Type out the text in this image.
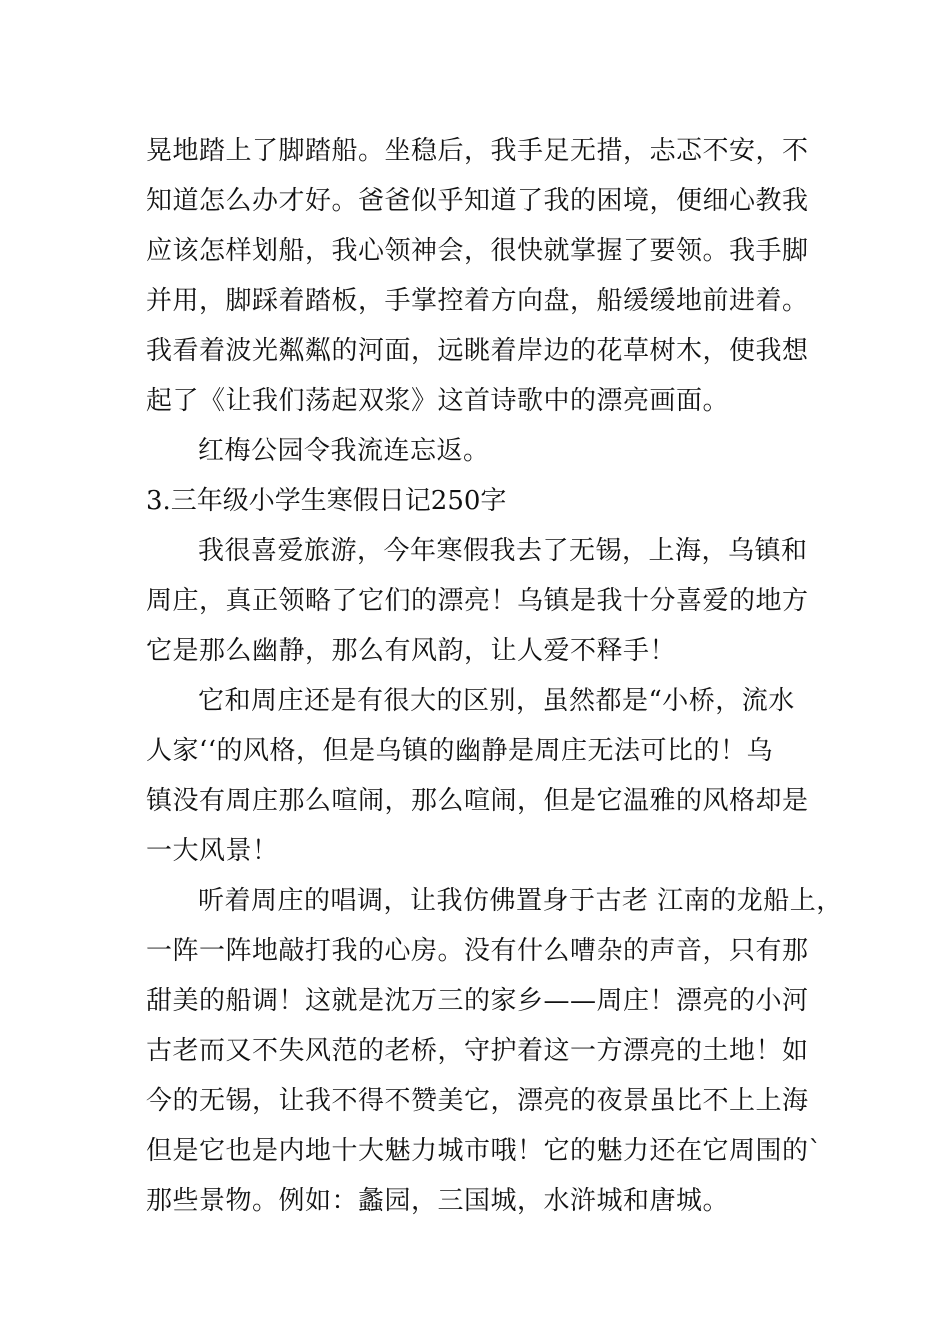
晃地踏上了脚踏船。坐稳后，我手足无措，忐忑不安，不
知道怎么办才好。爸爸似乎知道了我的困境，便细心教我
应该怎样划船，我心领神会，很快就掌握了要领。我手脚
并用，脚踩着踏板，手掌控着方向盘，船缓缓地前进着。
我看着波光粼粼的河面，远眺着岸边的花草树木，使我想
起了《让我们荡起双浆》这首诗歌中的漂亮画面。
红梅公园令我流连忘返。
3.三年级小学生寒假日记250字
我很喜爱旅游，今年寒假我去了无锡，上海，乌镇和
周庄，真正领略了它们的漂亮！乌镇是我十分喜爱的地方
它是那么幽静，那么有风韵，让人爱不释手！
它和周庄还是有很大的区别，虽然都是“小桥，流水
人家‘‘的风格，但是乌镇的幽静是周庄无法可比的！乌
镇没有周庄那么喧闹，那么喧闹，但是它温雅的风格却是
一大风景！
听着周庄的唱调，让我仿佛置身于古老 江南的龙船上，
一阵一阵地敲打我的心房。没有什么嘈杂的声音，只有那
甜美的船调！这就是沈万三的家乡——周庄！漂亮的小河
古老而又不失风范的老桥，守护着这一方漂亮的土地！如
今的无锡，让我不得不赞美它，漂亮的夜景虽比不上上海
但是它也是内地十大魅力城市哦！它的魅力还在它周围的`
那些景物。例如：蠡园，三国城，水浒城和唐城。
